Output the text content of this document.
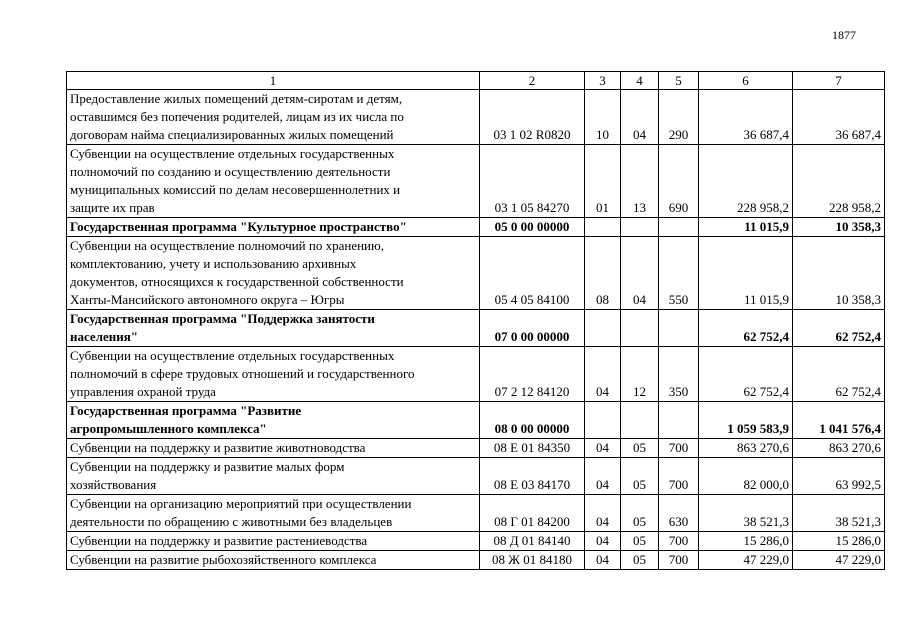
1877
1	2	3	4	5	6	7

Предоставление жилых помещений детям-сиротам и детям,
оставшимся без попечения родителей, лицам из их числа по
договорам найма специализированных жилых помещений	03 1 02 R0820	10	04	290	36 687,4	36 687,4

Субвенции на осуществление отдельных государственных
полномочий по созданию и осуществлению деятельности
муниципальных комиссий по делам несовершеннолетних и
защите их прав	03 1 05 84270	01	13	690	228 958,2	228 958,2

Государственная программа "Культурное пространство"	05 0 00 00000				11 015,9	10 358,3

Субвенции на осуществление полномочий по хранению,
комплектованию, учету и использованию архивных
документов, относящихся к государственной собственности
Ханты-Мансийского автономного округа – Югры	05 4 05 84100	08	04	550	11 015,9	10 358,3

Государственная программа "Поддержка занятости
населения"	07 0 00 00000				62 752,4	62 752,4

Субвенции на осуществление отдельных государственных
полномочий в сфере трудовых отношений и государственного
управления охраной труда	07 2 12 84120	04	12	350	62 752,4	62 752,4

Государственная программа "Развитие
агропромышленного комплекса"	08 0 00 00000				1 059 583,9	1 041 576,4

Субвенции на поддержку и развитие животноводства	08 Е 01 84350	04	05	700	863 270,6	863 270,6

Субвенции на поддержку и развитие малых форм
хозяйствования	08 Е 03 84170	04	05	700	82 000,0	63 992,5

Субвенции на организацию мероприятий при осуществлении
деятельности по обращению с животными без владельцев	08 Г 01 84200	04	05	630	38 521,3	38 521,3

Субвенции на поддержку и развитие растениеводства	08 Д 01 84140	04	05	700	15 286,0	15 286,0

Субвенции на развитие рыбохозяйственного комплекса	08 Ж 01 84180	04	05	700	47 229,0	47 229,0
